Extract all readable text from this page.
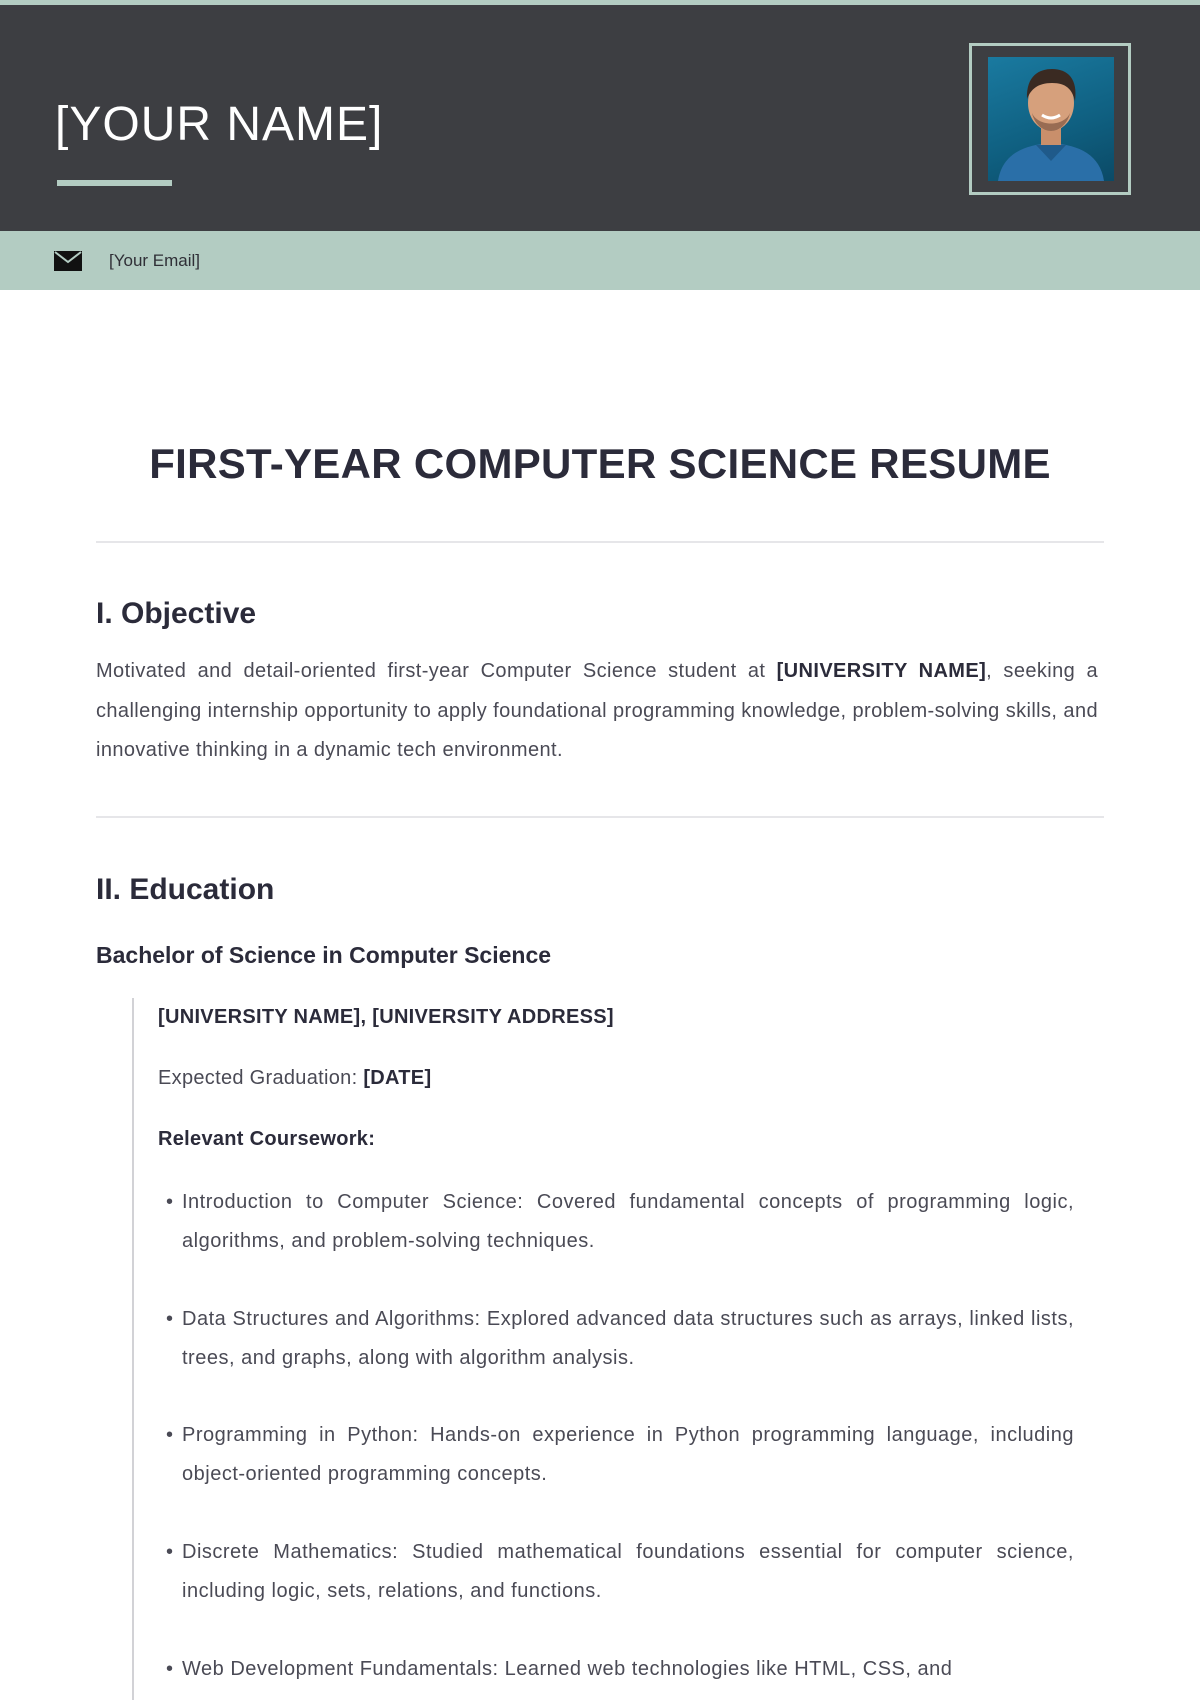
[YOUR NAME]
[Your Email]
FIRST-YEAR COMPUTER SCIENCE RESUME
I. Objective
Motivated and detail-oriented first-year Computer Science student at [UNIVERSITY NAME], seeking a challenging internship opportunity to apply foundational programming knowledge, problem-solving skills, and innovative thinking in a dynamic tech environment.
II. Education
Bachelor of Science in Computer Science
[UNIVERSITY NAME], [UNIVERSITY ADDRESS]
Expected Graduation: [DATE]
Relevant Coursework:
• Introduction to Computer Science: Covered fundamental concepts of programming logic, algorithms, and problem-solving techniques.
• Data Structures and Algorithms: Explored advanced data structures such as arrays, linked lists, trees, and graphs, along with algorithm analysis.
• Programming in Python: Hands-on experience in Python programming language, including object-oriented programming concepts.
• Discrete Mathematics: Studied mathematical foundations essential for computer science, including logic, sets, relations, and functions.
• Web Development Fundamentals: Learned web technologies like HTML, CSS, and
